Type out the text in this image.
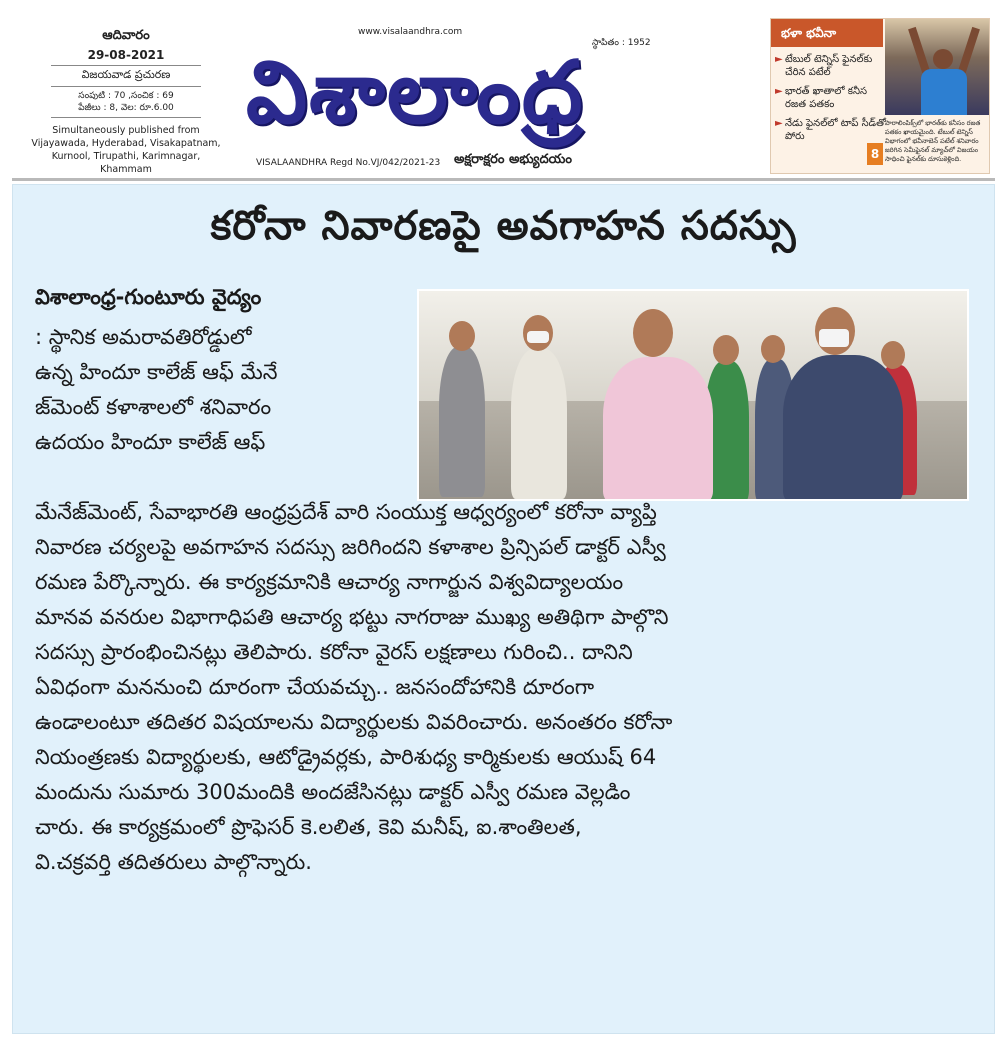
ఆదివారం
29-08-2021
విజయవాడ ప్రచురణ
సంపుటి : 70 ,సంచిక : 69
పేజీలు : 8, వెల: రూ.6.00
Simultaneously published from Vijayawada, Hyderabad, Visakapatnam, Kurnool, Tirupathi, Karimnagar, Khammam
www.visalaandhra.com
స్థాపితం : 1952
విశాలాంధ్ర
VISALAANDHRA Regd No.VJ/042/2021-23 అక్షరాక్షరం అభ్యుదయం
భళా భవీనా
► టేబుల్ టెన్నిస్ ఫైనల్‌కు చేరిన పటేల్
► భారత్ ఖాతాలో కనీస రజత పతకం
► నేడు ఫైనల్‌లో టాప్ సీడ్‌తో పోరు
8
పారాలింపిక్స్‌లో భారత్‌కు కనీసం రజత పతకం ఖాయమైంది. టేబుల్ టెన్నిస్ విభాగంలో భవీనాబెన్ పటేల్ శనివారం జరిగిన సెమీఫైనల్ మ్యాచ్‌లో విజయం సాధించి ఫైనల్‌కు దూసుకెళ్లింది.
కరోనా నివారణపై అవగాహన సదస్సు
విశాలాంధ్ర-గుంటూరు వైద్యం
: స్థానిక అమరావతిరోడ్డులో
ఉన్న హిందూ కాలేజ్ ఆఫ్ మేనే
జ్‌మెంట్ కళాశాలలో శనివారం
ఉదయం హిందూ కాలేజ్ ఆఫ్
మేనేజ్‌మెంట్, సేవాభారతి ఆంధ్రప్రదేశ్ వారి సంయుక్త ఆధ్వర్యంలో కరోనా వ్యాప్తి
నివారణ చర్యలపై అవగాహన సదస్సు జరిగిందని కళాశాల ప్రిన్సిపల్ డాక్టర్ ఎస్వీ
రమణ పేర్కొన్నారు. ఈ కార్యక్రమానికి ఆచార్య నాగార్జున విశ్వవిద్యాలయం
మానవ వనరుల విభాగాధిపతి ఆచార్య భట్టు నాగరాజు ముఖ్య అతిథిగా పాల్గొని
సదస్సు ప్రారంభించినట్లు తెలిపారు. కరోనా వైరస్ లక్షణాలు గురించి.. దానిని
ఏవిధంగా మననుంచి దూరంగా చేయవచ్చు.. జనసందోహానికి దూరంగా
ఉండాలంటూ తదితర విషయాలను విద్యార్థులకు వివరించారు. అనంతరం కరోనా
నియంత్రణకు విద్యార్థులకు, ఆటోడ్రైవర్లకు, పారిశుధ్య కార్మికులకు ఆయుష్ 64
మందును సుమారు 300మందికి అందజేసినట్లు డాక్టర్ ఎస్వీ రమణ వెల్లడిం
చారు. ఈ కార్యక్రమంలో ప్రొఫెసర్ కె.లలిత, కెవి మనీష్, ఐ.శాంతిలత,
వి.చక్రవర్తి తదితరులు పాల్గొన్నారు.
